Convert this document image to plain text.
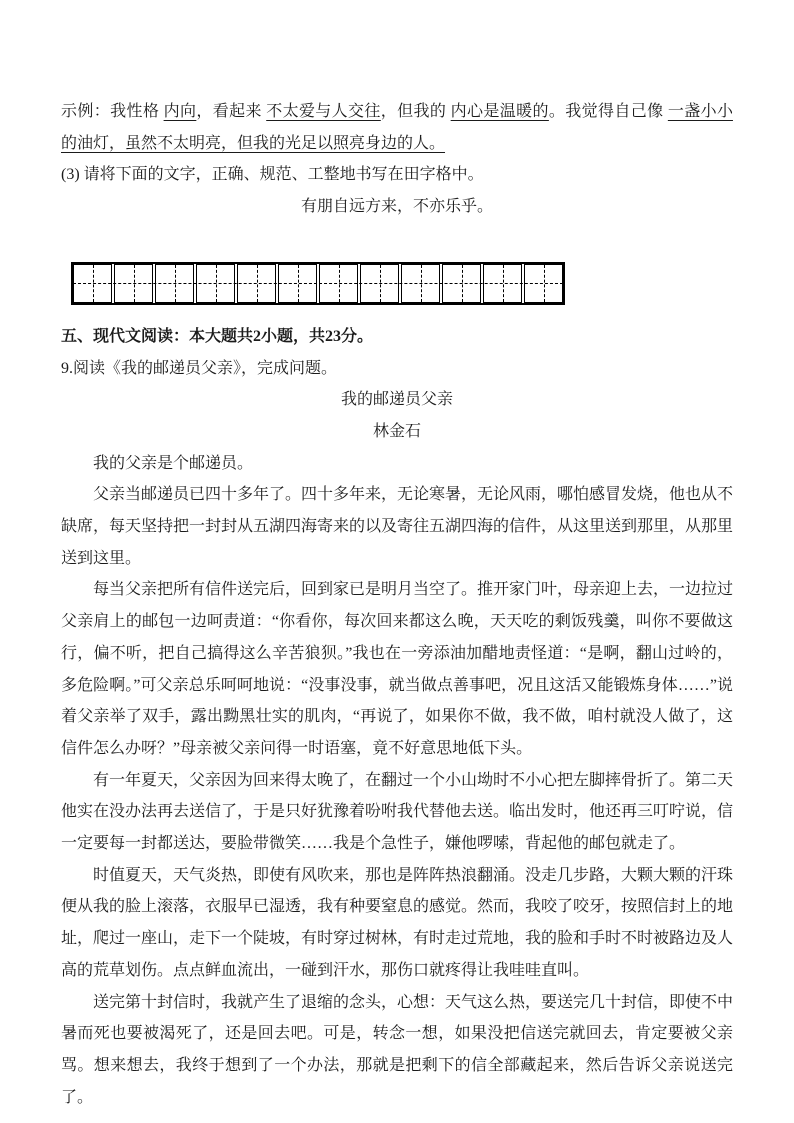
示例：我性格 内向，看起来 不太爱与人交往，但我的 内心是温暖的。我觉得自己像 一盏小小的油灯，虽然不太明亮，但我的光足以照亮身边的人。

(3) 请将下面的文字，正确、规范、工整地书写在田字格中。

有朋自远方来，不亦乐乎。

五、现代文阅读：本大题共2小题，共23分。

9.阅读《我的邮递员父亲》，完成问题。

我的邮递员父亲

林金石

我的父亲是个邮递员。

父亲当邮递员已四十多年了。四十多年来，无论寒暑，无论风雨，哪怕感冒发烧，他也从不缺席，每天坚持把一封封从五湖四海寄来的以及寄往五湖四海的信件，从这里送到那里，从那里送到这里。

每当父亲把所有信件送完后，回到家已是明月当空了。推开家门叶，母亲迎上去，一边拉过父亲肩上的邮包一边呵责道：“你看你，每次回来都这么晚，天天吃的剩饭残羹，叫你不要做这行，偏不听，把自己搞得这么辛苦狼狈。”我也在一旁添油加醋地责怪道：“是啊，翻山过岭的，多危险啊。”可父亲总乐呵呵地说：“没事没事，就当做点善事吧，况且这活又能锻炼身体……”说着父亲举了双手，露出黝黑壮实的肌肉，“再说了，如果你不做，我不做，咱村就没人做了，这信件怎么办呀？”母亲被父亲问得一时语塞，竟不好意思地低下头。

有一年夏天，父亲因为回来得太晚了，在翻过一个小山坳时不小心把左脚摔骨折了。第二天他实在没办法再去送信了，于是只好犹豫着吩咐我代替他去送。临出发时，他还再三叮咛说，信一定要每一封都送达，要脸带微笑……我是个急性子，嫌他啰嗦，背起他的邮包就走了。

时值夏天，天气炎热，即使有风吹来，那也是阵阵热浪翻涌。没走几步路，大颗大颗的汗珠便从我的脸上滚落，衣服早已湿透，我有种要窒息的感觉。然而，我咬了咬牙，按照信封上的地址，爬过一座山，走下一个陡坡，有时穿过树林，有时走过荒地，我的脸和手时不时被路边及人高的荒草划伤。点点鲜血流出，一碰到汗水，那伤口就疼得让我哇哇直叫。

送完第十封信时，我就产生了退缩的念头，心想：天气这么热，要送完几十封信，即使不中暑而死也要被渴死了，还是回去吧。可是，转念一想，如果没把信送完就回去，肯定要被父亲骂。想来想去，我终于想到了一个办法，那就是把剩下的信全部藏起来，然后告诉父亲说送完了。
